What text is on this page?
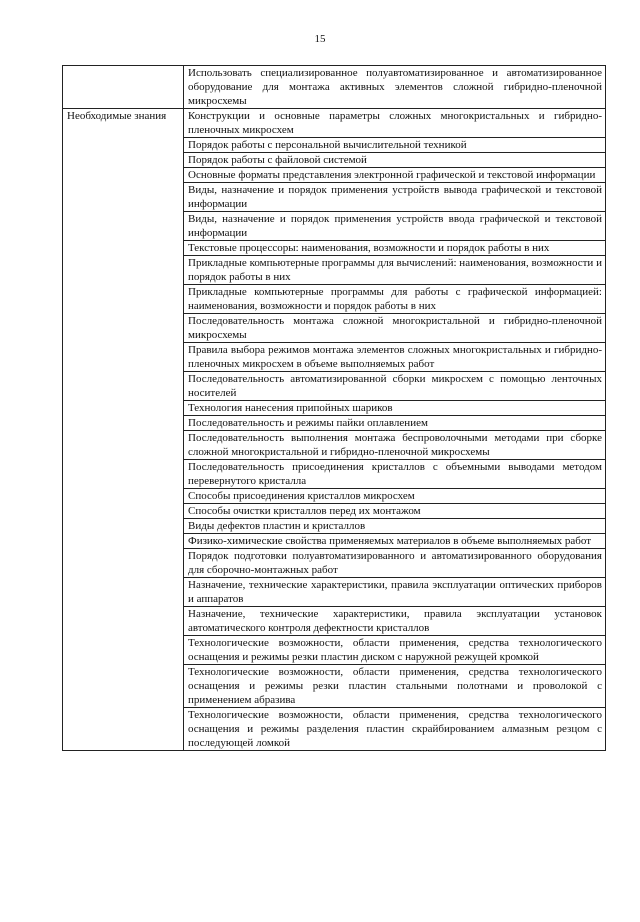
15
	Использовать специализированное полуавтоматизированное и автоматизированное оборудование для монтажа активных элементов сложной гибридно-пленочной микросхемы
Необходимые знания	Конструкции и основные параметры сложных многокристальных и гибридно-пленочных микросхем
	Порядок работы с персональной вычислительной техникой
	Порядок работы с файловой системой
	Основные форматы представления электронной графической и текстовой информации
	Виды, назначение и порядок применения устройств вывода графической и текстовой информации
	Виды, назначение и порядок применения устройств ввода графической и текстовой информации
	Текстовые процессоры: наименования, возможности и порядок работы в них
	Прикладные компьютерные программы для вычислений: наименования, возможности и порядок работы в них
	Прикладные компьютерные программы для работы с графической информацией: наименования, возможности и порядок работы в них
	Последовательность монтажа сложной многокристальной и гибридно-пленочной микросхемы
	Правила выбора режимов монтажа элементов сложных многокристальных и гибридно-пленочных микросхем в объеме выполняемых работ
	Последовательность автоматизированной сборки микросхем с помощью ленточных носителей
	Технология нанесения припойных шариков
	Последовательность и режимы пайки оплавлением
	Последовательность выполнения монтажа беспроволочными методами при сборке сложной многокристальной и гибридно-пленочной микросхемы
	Последовательность присоединения кристаллов с объемными выводами методом перевернутого кристалла
	Способы присоединения кристаллов микросхем
	Способы очистки кристаллов перед их монтажом
	Виды дефектов пластин и кристаллов
	Физико-химические свойства применяемых материалов в объеме выполняемых работ
	Порядок подготовки полуавтоматизированного и автоматизированного оборудования для сборочно-монтажных работ
	Назначение, технические характеристики, правила эксплуатации оптических приборов и аппаратов
	Назначение, технические характеристики, правила эксплуатации установок автоматического контроля дефектности кристаллов
	Технологические возможности, области применения, средства технологического оснащения и режимы резки пластин диском с наружной режущей кромкой
	Технологические возможности, области применения, средства технологического оснащения и режимы резки пластин стальными полотнами и проволокой с применением абразива
	Технологические возможности, области применения, средства технологического оснащения и режимы разделения пластин скрайбированием алмазным резцом с последующей ломкой
